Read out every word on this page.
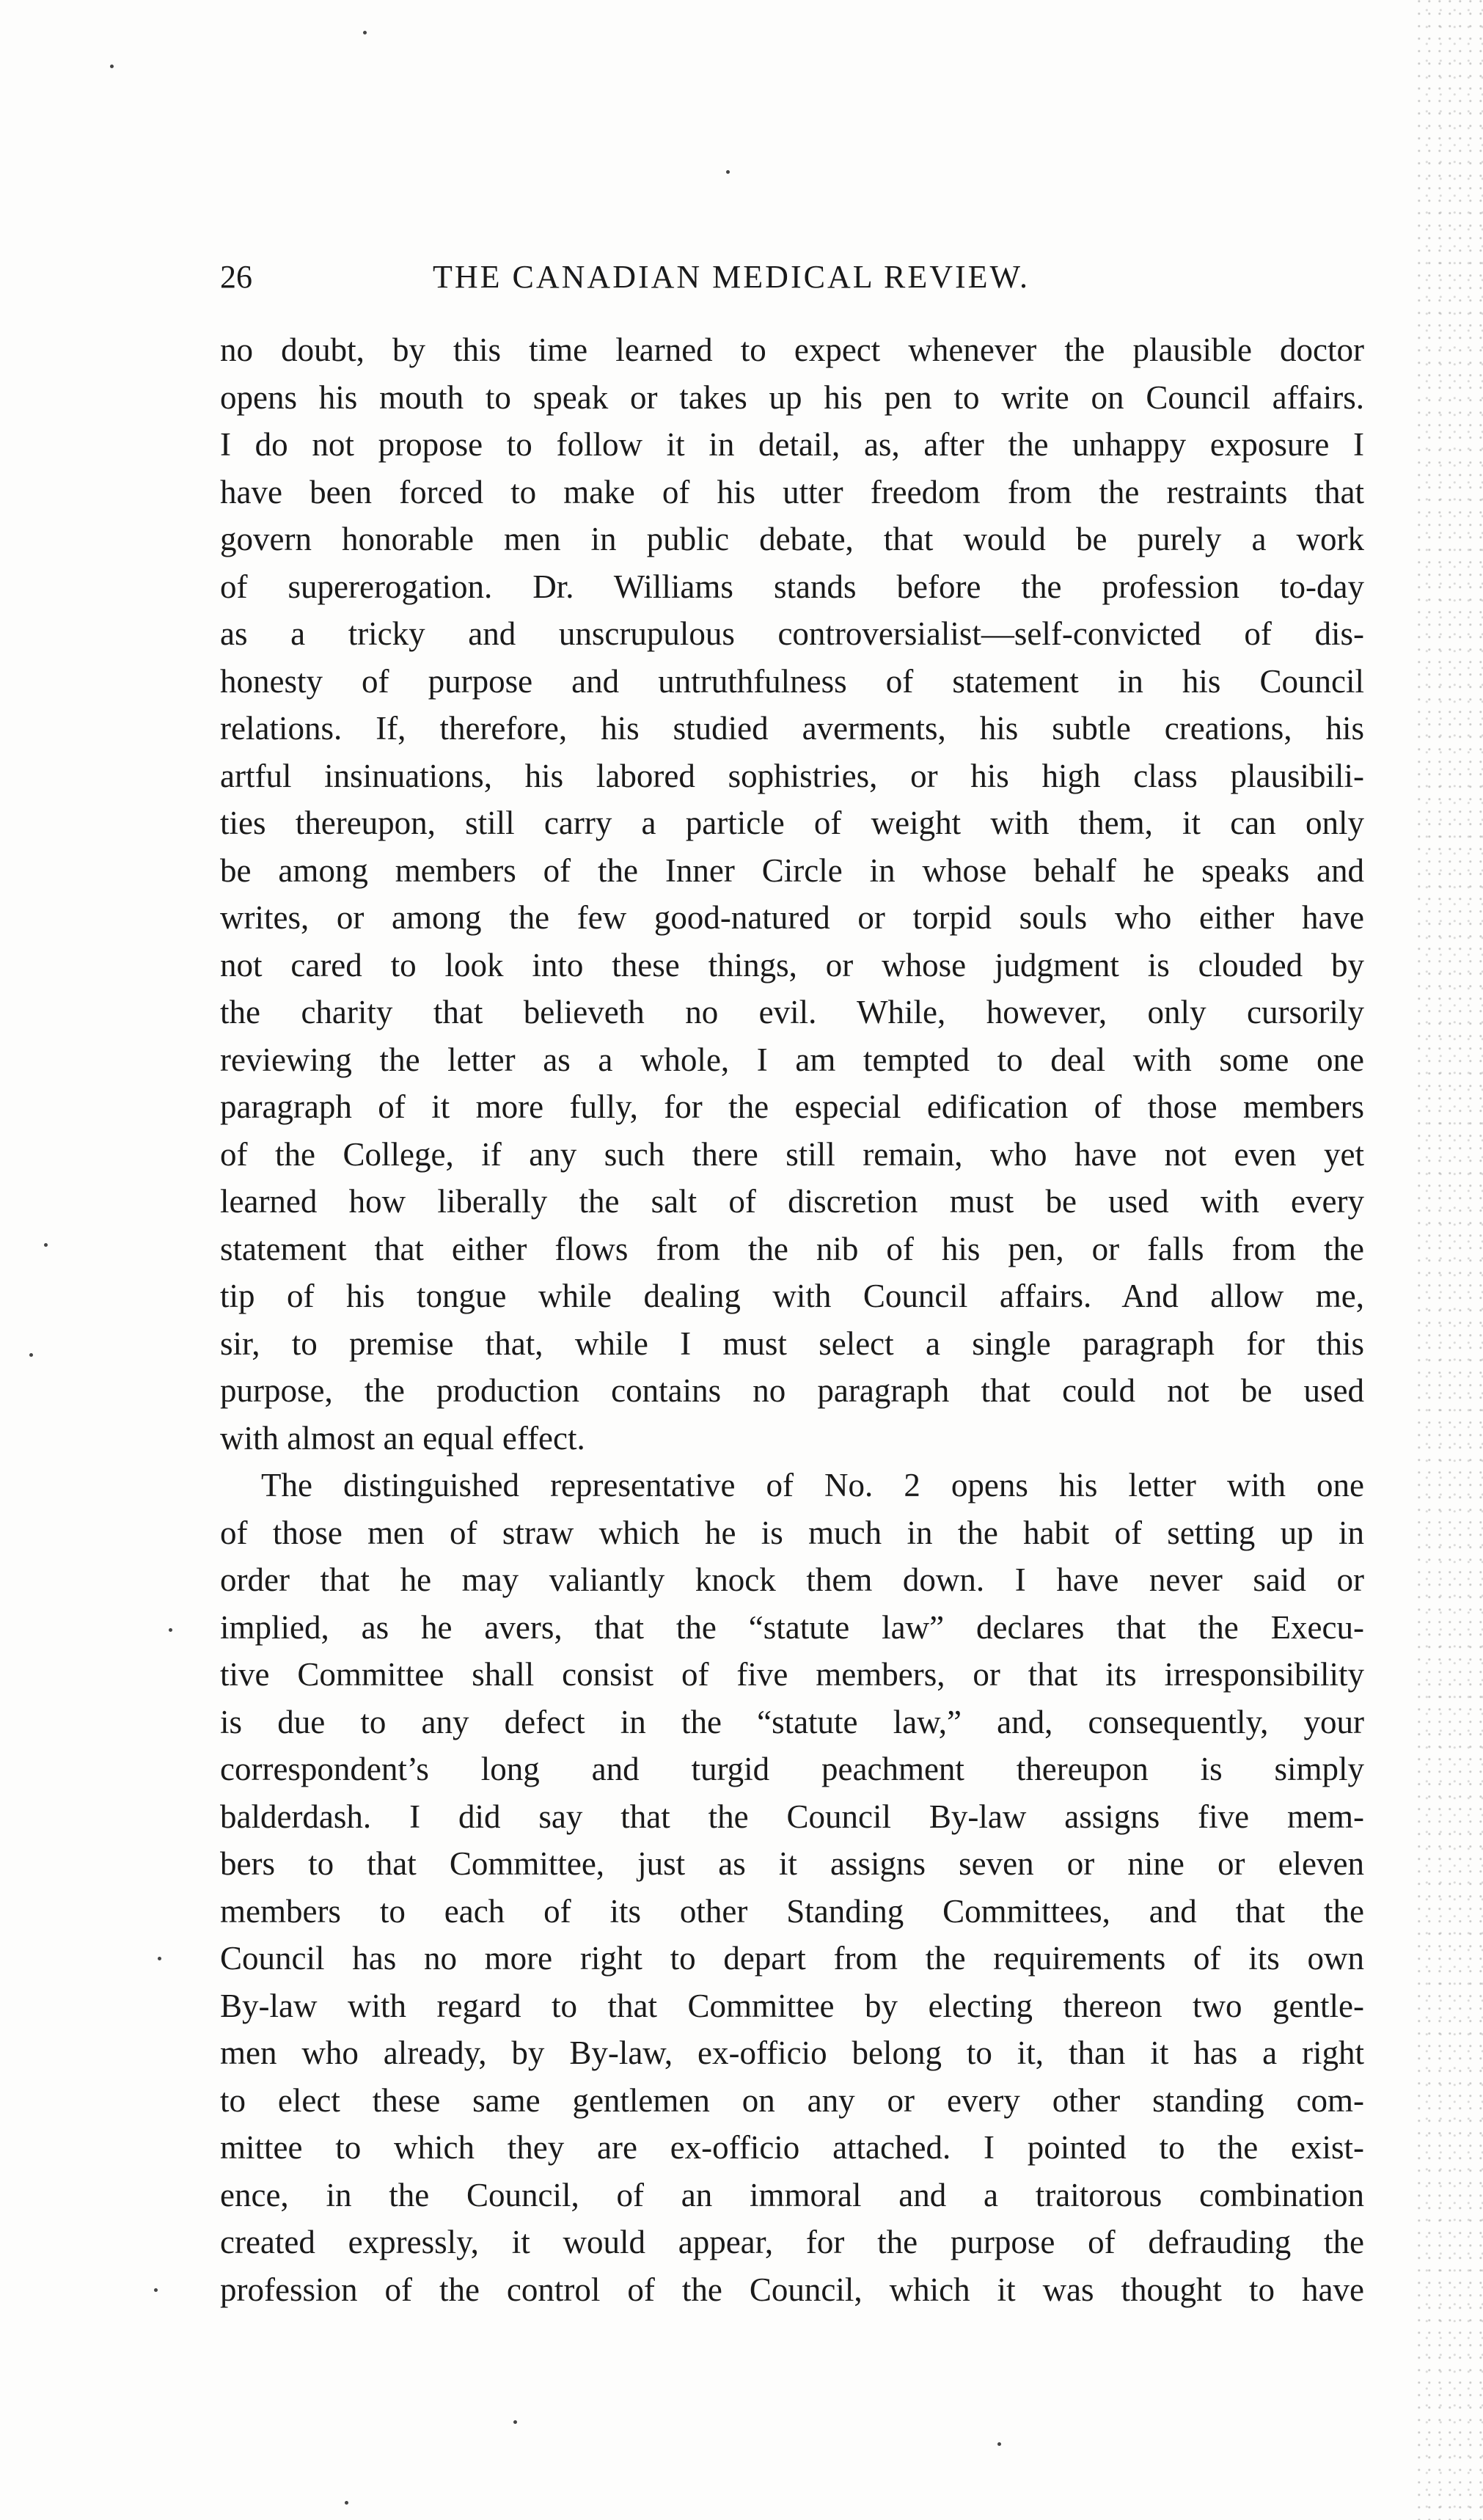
26	THE CANADIAN MEDICAL REVIEW.
no doubt, by this time learned to expect whenever the plausible doctor
opens his mouth to speak or takes up his pen to write on Council affairs.
I do not propose to follow it in detail, as, after the unhappy exposure I
have been forced to make of his utter freedom from the restraints that
govern honorable men in public debate, that would be purely a work
of supererogation. Dr. Williams stands before the profession to-day
as a tricky and unscrupulous controversialist—self-convicted of dis-
honesty of purpose and untruthfulness of statement in his Council
relations. If, therefore, his studied averments, his subtle creations, his
artful insinuations, his labored sophistries, or his high class plausibili-
ties thereupon, still carry a particle of weight with them, it can only
be among members of the Inner Circle in whose behalf he speaks and
writes, or among the few good-natured or torpid souls who either have
not cared to look into these things, or whose judgment is clouded by
the charity that believeth no evil. While, however, only cursorily
reviewing the letter as a whole, I am tempted to deal with some one
paragraph of it more fully, for the especial edification of those members
of the College, if any such there still remain, who have not even yet
learned how liberally the salt of discretion must be used with every
statement that either flows from the nib of his pen, or falls from the
tip of his tongue while dealing with Council affairs. And allow me,
sir, to premise that, while I must select a single paragraph for this
purpose, the production contains no paragraph that could not be used
with almost an equal effect.
The distinguished representative of No. 2 opens his letter with one
of those men of straw which he is much in the habit of setting up in
order that he may valiantly knock them down. I have never said or
implied, as he avers, that the “statute law” declares that the Execu-
tive Committee shall consist of five members, or that its irresponsibility
is due to any defect in the “statute law,” and, consequently, your
correspondent’s long and turgid peachment thereupon is simply
balderdash. I did say that the Council By-law assigns five mem-
bers to that Committee, just as it assigns seven or nine or eleven
members to each of its other Standing Committees, and that the
Council has no more right to depart from the requirements of its own
By-law with regard to that Committee by electing thereon two gentle-
men who already, by By-law, ex-officio belong to it, than it has a right
to elect these same gentlemen on any or every other standing com-
mittee to which they are ex-officio attached. I pointed to the exist-
ence, in the Council, of an immoral and a traitorous combination
created expressly, it would appear, for the purpose of defrauding the
profession of the control of the Council, which it was thought to have
